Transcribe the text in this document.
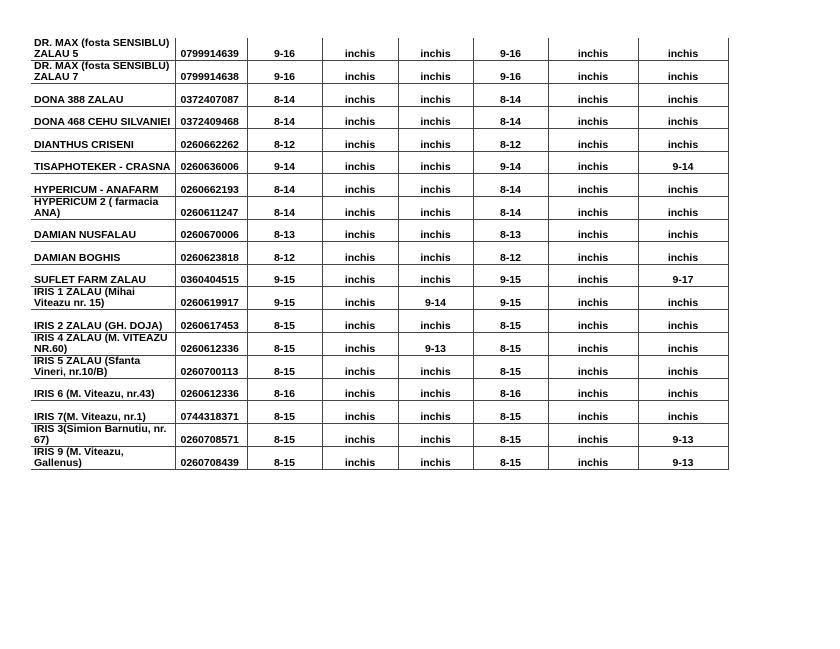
DR. MAX (fosta SENSIBLU) ZALAU 5	0799914639	9-16	inchis	inchis	9-16	inchis	inchis
DR. MAX (fosta SENSIBLU) ZALAU 7	0799914638	9-16	inchis	inchis	9-16	inchis	inchis
DONA 388 ZALAU	0372407087	8-14	inchis	inchis	8-14	inchis	inchis
DONA 468 CEHU SILVANIEI	0372409468	8-14	inchis	inchis	8-14	inchis	inchis
DIANTHUS CRISENI	0260662262	8-12	inchis	inchis	8-12	inchis	inchis
TISAPHOTEKER - CRASNA	0260636006	9-14	inchis	inchis	9-14	inchis	9-14
HYPERICUM - ANAFARM	0260662193	8-14	inchis	inchis	8-14	inchis	inchis
HYPERICUM 2 ( farmacia ANA)	0260611247	8-14	inchis	inchis	8-14	inchis	inchis
DAMIAN NUSFALAU	0260670006	8-13	inchis	inchis	8-13	inchis	inchis
DAMIAN BOGHIS	0260623818	8-12	inchis	inchis	8-12	inchis	inchis
SUFLET FARM ZALAU	0360404515	9-15	inchis	inchis	9-15	inchis	9-17
IRIS 1 ZALAU (Mihai Viteazu nr. 15)	0260619917	9-15	inchis	9-14	9-15	inchis	inchis
IRIS 2 ZALAU (GH. DOJA)	0260617453	8-15	inchis	inchis	8-15	inchis	inchis
IRIS 4 ZALAU (M. VITEAZU NR.60)	0260612336	8-15	inchis	9-13	8-15	inchis	inchis
IRIS 5 ZALAU (Sfanta Vineri, nr.10/B)	0260700113	8-15	inchis	inchis	8-15	inchis	inchis
IRIS 6 (M. Viteazu, nr.43)	0260612336	8-16	inchis	inchis	8-16	inchis	inchis
IRIS 7(M. Viteazu, nr.1)	0744318371	8-15	inchis	inchis	8-15	inchis	inchis
IRIS 3(Simion Barnutiu, nr. 67)	0260708571	8-15	inchis	inchis	8-15	inchis	9-13
IRIS 9 (M. Viteazu, Gallenus)	0260708439	8-15	inchis	inchis	8-15	inchis	9-13
